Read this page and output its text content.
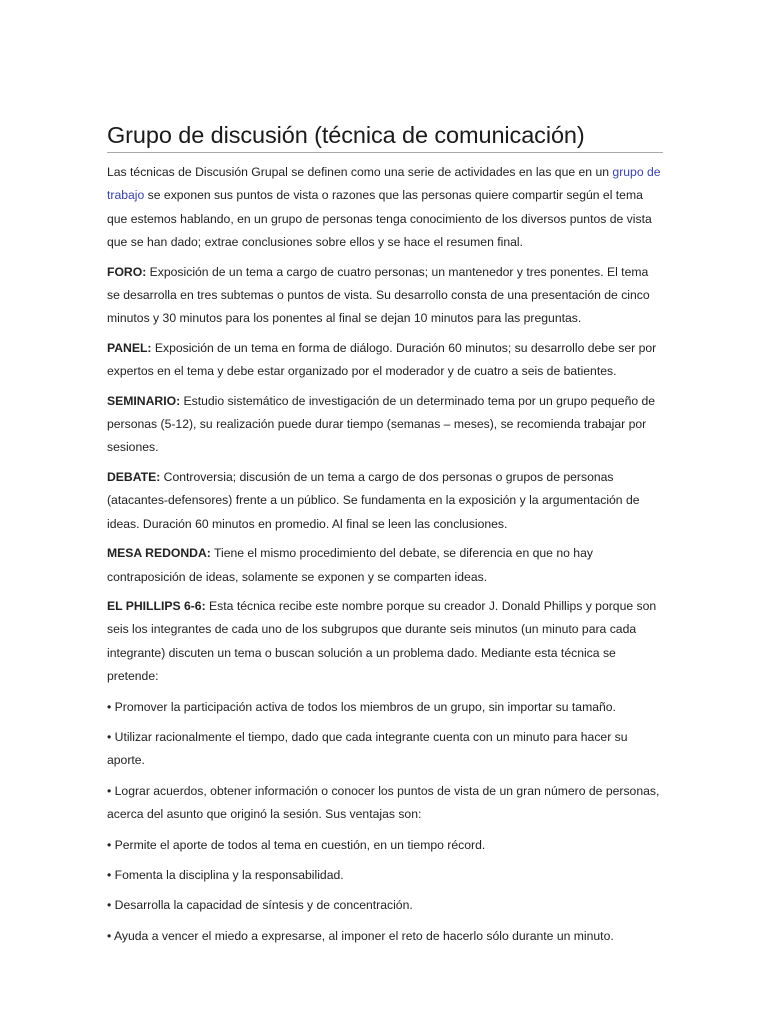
Grupo de discusión (técnica de comunicación)

Las técnicas de Discusión Grupal se definen como una serie de actividades en las que en un grupo de trabajo se exponen sus puntos de vista o razones que las personas quiere compartir según el tema que estemos hablando, en un grupo de personas tenga conocimiento de los diversos puntos de vista que se han dado; extrae conclusiones sobre ellos y se hace el resumen final.

FORO: Exposición de un tema a cargo de cuatro personas; un mantenedor y tres ponentes. El tema se desarrolla en tres subtemas o puntos de vista. Su desarrollo consta de una presentación de cinco minutos y 30 minutos para los ponentes al final se dejan 10 minutos para las preguntas.

PANEL: Exposición de un tema en forma de diálogo. Duración 60 minutos; su desarrollo debe ser por expertos en el tema y debe estar organizado por el moderador y de cuatro a seis de batientes.

SEMINARIO: Estudio sistemático de investigación de un determinado tema por un grupo pequeño de personas (5-12), su realización puede durar tiempo (semanas – meses), se recomienda trabajar por sesiones.

DEBATE: Controversia; discusión de un tema a cargo de dos personas o grupos de personas (atacantes-defensores) frente a un público. Se fundamenta en la exposición y la argumentación de ideas. Duración 60 minutos en promedio. Al final se leen las conclusiones.

MESA REDONDA: Tiene el mismo procedimiento del debate, se diferencia en que no hay contraposición de ideas, solamente se exponen y se comparten ideas.

EL PHILLIPS 6-6: Esta técnica recibe este nombre porque su creador J. Donald Phillips y porque son seis los integrantes de cada uno de los subgrupos que durante seis minutos (un minuto para cada integrante) discuten un tema o buscan solución a un problema dado. Mediante esta técnica se pretende:

• Promover la participación activa de todos los miembros de un grupo, sin importar su tamaño.

• Utilizar racionalmente el tiempo, dado que cada integrante cuenta con un minuto para hacer su aporte.

• Lograr acuerdos, obtener información o conocer los puntos de vista de un gran número de personas, acerca del asunto que originó la sesión. Sus ventajas son:

• Permite el aporte de todos al tema en cuestión, en un tiempo récord.

• Fomenta la disciplina y la responsabilidad.

• Desarrolla la capacidad de síntesis y de concentración.

• Ayuda a vencer el miedo a expresarse, al imponer el reto de hacerlo sólo durante un minuto.
